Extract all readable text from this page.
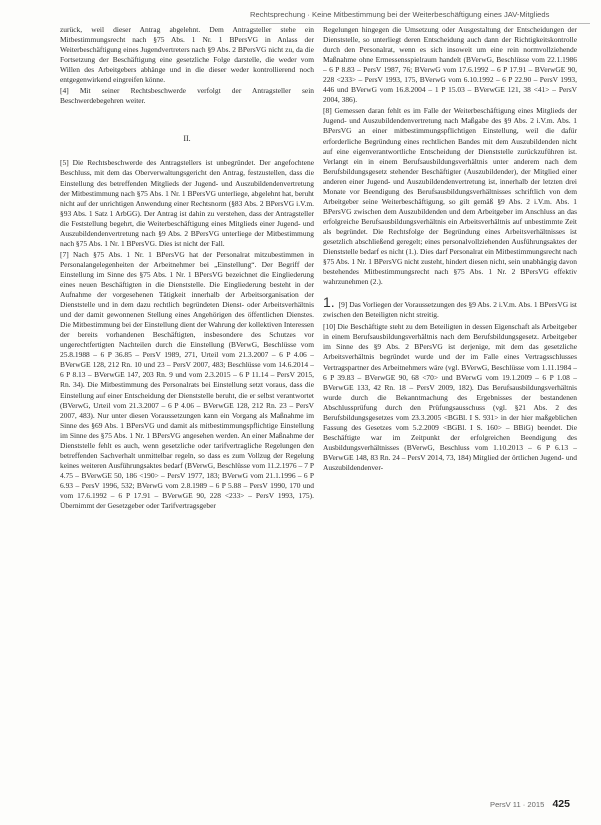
Rechtsprechung · Keine Mitbestimmung bei der Weiterbeschäftigung eines JAV-Mitglieds

zurück, weil dieser Antrag abgelehnt. Dem Antragsteller stehe ein Mitbestimmungsrecht nach §75 Abs. 1 Nr. 1 BPersVG in Anlass der Weiterbeschäftigung eines Jugendvertreters nach §9 Abs. 2 BPersVG nicht zu, da die Fortsetzung der Beschäftigung eine gesetzliche Folge darstelle, die weder vom Willen des Arbeitgebers abhänge und in die dieser weder kontrollierend noch entgegenwirkend eingreifen könne.

[4] Mit seiner Rechtsbeschwerde verfolgt der Antragsteller sein Beschwerdebegehren weiter.

II.

[5] Die Rechtsbeschwerde des Antragstellers ist unbegründet. Der angefochtene Beschluss, mit dem das Oberverwaltungsgericht den Antrag, festzustellen, dass die Einstellung des betreffenden Mitglieds der Jugend- und Auszubildendenvertretung der Mitbestimmung nach §75 Abs. 1 Nr. 1 BPersVG unterliege, abgelehnt hat, beruht nicht auf der unrichtigen Anwendung einer Rechtsnorm (§83 Abs. 2 BPersVG i.V.m. §93 Abs. 1 Satz 1 ArbGG). Der Antrag ist dahin zu verstehen, dass der Antragsteller die Feststellung begehrt, die Weiterbeschäftigung eines Mitglieds einer Jugend- und Auszubildendenvertretung nach §9 Abs. 2 BPersVG unterliege der Mitbestimmung nach §75 Abs. 1 Nr. 1 BPersVG. Dies ist nicht der Fall.

[7] Nach §75 Abs. 1 Nr. 1 BPersVG hat der Personalrat mitzubestimmen in Personalangelegenheiten der Arbeitnehmer bei „Einstellung“. Der Begriff der Einstellung im Sinne des §75 Abs. 1 Nr. 1 BPersVG bezeichnet die Eingliederung eines neuen Beschäftigten in die Dienststelle. Die Eingliederung besteht in der Aufnahme der vorgesehenen Tätigkeit innerhalb der Arbeitsorganisation der Dienststelle und in dem dazu rechtlich begründeten Dienst- oder Arbeitsverhältnis und der damit gewonnenen Stellung eines Angehörigen des öffentlichen Dienstes. Die Mitbestimmung bei der Einstellung dient der Wahrung der kollektiven Interessen der bereits vorhandenen Beschäftigten, insbesondere des Schutzes vor ungerechtfertigten Nachteilen durch die Einstellung (BVerwG, Beschlüsse vom 25.8.1988 – 6 P 36.85 – PersV 1989, 271, Urteil vom 21.3.2007 – 6 P 4.06 – BVerwGE 128, 212 Rn. 10 und 23 – PersV 2007, 483; Beschlüsse vom 14.6.2014 – 6 P 8.13 – BVerwGE 147, 203 Rn. 9 und vom 2.3.2015 – 6 P 11.14 – PersV 2015, Rn. 34). Die Mitbestimmung des Personalrats bei Einstellung setzt voraus, dass die Einstellung auf einer Entscheidung der Dienststelle beruht, die er selbst verantwortet (BVerwG, Urteil vom 21.3.2007 – 6 P 4.06 – BVerwGE 128, 212 Rn. 23 – PersV 2007, 483). Nur unter diesen Voraussetzungen kann ein Vorgang als Maßnahme im Sinne des §69 Abs. 1 BPersVG und damit als mitbestimmungspflichtige Einstellung im Sinne des §75 Abs. 1 Nr. 1 BPersVG angesehen werden. An einer Maßnahme der Dienststelle fehlt es auch, wenn gesetzliche oder tarifvertragliche Regelungen den betreffenden Sachverhalt unmittelbar regeln, so dass es zum Vollzug der Regelung keines weiteren Ausführungsaktes bedarf (BVerwG, Beschlüsse vom 11.2.1976 – 7 P 4.75 – BVerwGE 50, 186 <190> – PersV 1977, 183; BVerwG vom 21.1.1996 – 6 P 6.93 – PersV 1996, 532; BVerwG vom 2.8.1989 – 6 P 5.88 – PersV 1990, 170 und vom 17.6.1992 – 6 P 17.91 – BVerwGE 90, 228 <233> – PersV 1993, 175). Übernimmt der Gesetzgeber oder Tarifvertragsgeber

Regelungen hingegen die Umsetzung oder Ausgestaltung der Entscheidungen der Dienststelle, so unterliegt deren Entscheidung auch dann der Richtigkeitskontrolle durch den Personalrat, wenn es sich insoweit um eine rein normvollziehende Maßnahme ohne Ermessensspielraum handelt (BVerwG, Beschlüsse vom 22.1.1986 – 6 P 8.83 – PersV 1987, 76; BVerwG vom 17.6.1992 – 6 P 17.91 – BVerwGE 90, 228 <233> – PersV 1993, 175, BVerwG vom 6.10.1992 – 6 P 22.90 – PersV 1993, 446 und BVerwG vom 16.8.2004 – 1 P 15.03 – BVerwGE 121, 38 <41> – PersV 2004, 386).

[8] Gemessen daran fehlt es im Falle der Weiterbeschäftigung eines Mitglieds der Jugend- und Auszubildendenvertretung nach Maßgabe des §9 Abs. 2 i.V.m. Abs. 1 BPersVG an einer mitbestimmungspflichtigen Einstellung, weil die dafür erforderliche Begründung eines rechtlichen Bandes mit dem Auszubildenden nicht auf eine eigenverantwortliche Entscheidung der Dienststelle zurückzuführen ist. Verlangt ein in einem Berufsausbildungsverhältnis unter anderem nach dem Berufsbildungsgesetz stehender Beschäftigter (Auszubildender), der Mitglied einer anderen einer Jugend- und Auszubildendenvertretung ist, innerhalb der letzten drei Monate vor Beendigung des Berufsausbildungsverhältnisses schriftlich von dem Arbeitgeber seine Weiterbeschäftigung, so gilt gemäß §9 Abs. 2 i.V.m. Abs. 1 BPersVG zwischen dem Auszubildenden und dem Arbeitgeber im Anschluss an das erfolgreiche Berufsausbildungsverhältnis ein Arbeitsverhältnis auf unbestimmte Zeit als begründet. Die Rechtsfolge der Begründung eines Arbeitsverhältnisses ist gesetzlich abschließend geregelt; eines personalvollziehenden Ausführungsaktes der Dienststelle bedarf es nicht (1.). Dies darf Personalrat ein Mitbestimmungsrecht nach §75 Abs. 1 Nr. 1 BPersVG nicht zusteht, hindert diesen nicht, sein unabhängig davon bestehendes Mitbestimmungsrecht nach §75 Abs. 1 Nr. 2 BPersVG effektiv wahrzunehmen (2.).

1. [9] Das Vorliegen der Voraussetzungen des §9 Abs. 2 i.V.m. Abs. 1 BPersVG ist zwischen den Beteiligten nicht streitig.

[10] Die Beschäftigte steht zu dem Beteiligten in dessen Eigenschaft als Arbeitgeber in einem Berufsausbildungsverhältnis nach dem Berufsbildungsgesetz. Arbeitgeber im Sinne des §9 Abs. 2 BPersVG ist derjenige, mit dem das gesetzliche Arbeitsverhältnis begründet wurde und der im Falle eines Vertragsschlusses Vertragspartner des Arbeitnehmers wäre (vgl. BVerwG, Beschlüsse vom 1.11.1984 – 6 P 39.83 – BVerwGE 90, 68 <70> und BVerwG vom 19.1.2009 – 6 P 1.08 – BVerwGE 133, 42 Rn. 18 – PersV 2009, 182). Das Berufsausbildungsverhältnis wurde durch die Bekanntmachung des Ergebnisses der bestandenen Abschlussprüfung durch den Prüfungsausschuss (vgl. §21 Abs. 2 des Berufsbildungsgesetzes vom 23.3.2005 <BGBl. I S. 931> in der hier maßgeblichen Fassung des Gesetzes vom 5.2.2009 <BGBl. I S. 160> – BBiG) beendet. Die Beschäftigte war im Zeitpunkt der erfolgreichen Beendigung des Ausbildungsverhältnisses (BVerwG, Beschluss vom 1.10.2013 – 6 P 6.13 – BVerwGE 148, 83 Rn. 24 – PersV 2014, 73, 184) Mitglied der örtlichen Jugend- und Auszubildendenver-

PersV 11 · 2015 425
